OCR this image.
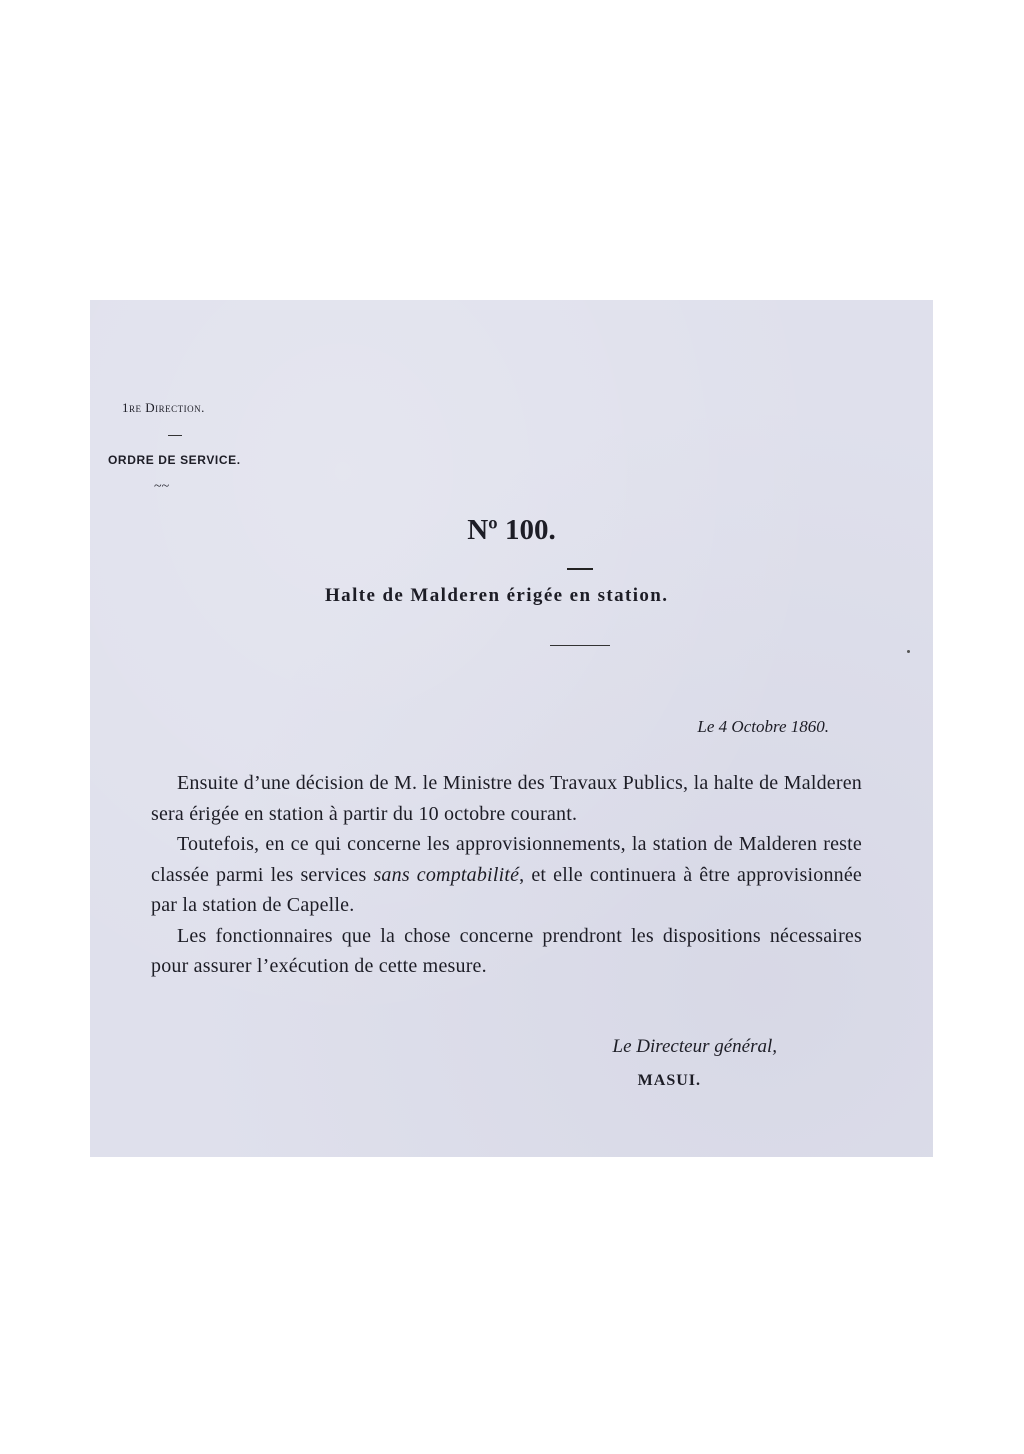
1re Direction.
ORDRE DE SERVICE.
~~
Nº 100.
Halte de Malderen érigée en station.
Le 4 Octobre 1860.

Ensuite d’une décision de M. le Ministre des Travaux Publics, la halte de Malderen sera érigée en station à partir du 10 octobre courant.

Toutefois, en ce qui concerne les approvisionnements, la station de Malderen reste classée parmi les services sans comptabilité, et elle continuera à être approvisionnée par la station de Capelle.

Les fonctionnaires que la chose concerne prendront les dispositions nécessaires pour assurer l’exécution de cette mesure.

Le Directeur général,
MASUI.
